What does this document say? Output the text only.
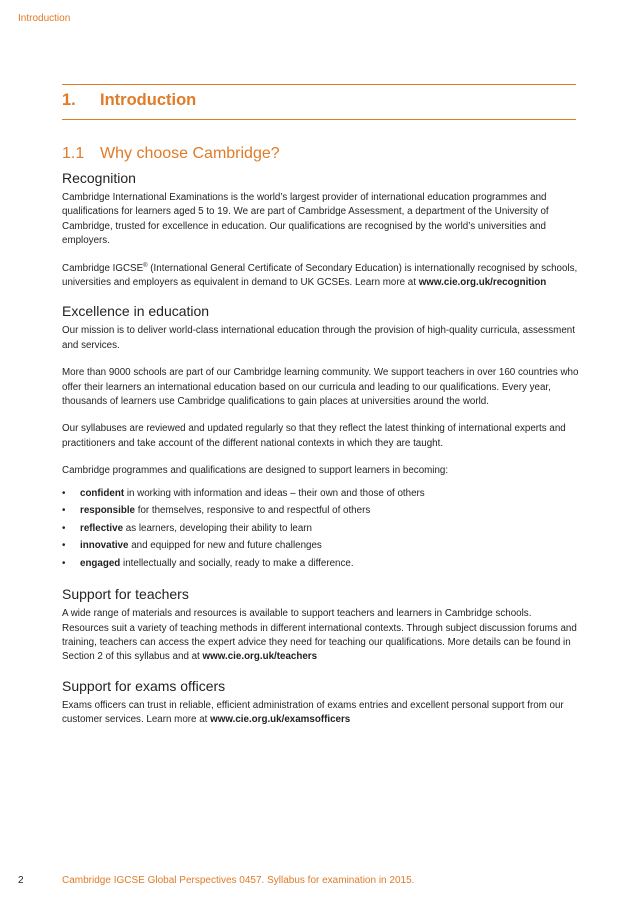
Introduction
1. Introduction
1.1 Why choose Cambridge?
Recognition

Cambridge International Examinations is the world’s largest provider of international education programmes and qualifications for learners aged 5 to 19. We are part of Cambridge Assessment, a department of the University of Cambridge, trusted for excellence in education. Our qualifications are recognised by the world’s universities and employers.

Cambridge IGCSE® (International General Certificate of Secondary Education) is internationally recognised by schools, universities and employers as equivalent in demand to UK GCSEs. Learn more at www.cie.org.uk/recognition

Excellence in education

Our mission is to deliver world-class international education through the provision of high-quality curricula, assessment and services.

More than 9000 schools are part of our Cambridge learning community. We support teachers in over 160 countries who offer their learners an international education based on our curricula and leading to our qualifications. Every year, thousands of learners use Cambridge qualifications to gain places at universities around the world.

Our syllabuses are reviewed and updated regularly so that they reflect the latest thinking of international experts and practitioners and take account of the different national contexts in which they are taught.

Cambridge programmes and qualifications are designed to support learners in becoming:

• confident in working with information and ideas – their own and those of others
• responsible for themselves, responsive to and respectful of others
• reflective as learners, developing their ability to learn
• innovative and equipped for new and future challenges
• engaged intellectually and socially, ready to make a difference.
Support for teachers

A wide range of materials and resources is available to support teachers and learners in Cambridge schools. Resources suit a variety of teaching methods in different international contexts. Through subject discussion forums and training, teachers can access the expert advice they need for teaching our qualifications. More details can be found in Section 2 of this syllabus and at www.cie.org.uk/teachers

Support for exams officers

Exams officers can trust in reliable, efficient administration of exams entries and excellent personal support from our customer services. Learn more at www.cie.org.uk/examsofficers

2	Cambridge IGCSE Global Perspectives 0457. Syllabus for examination in 2015.
